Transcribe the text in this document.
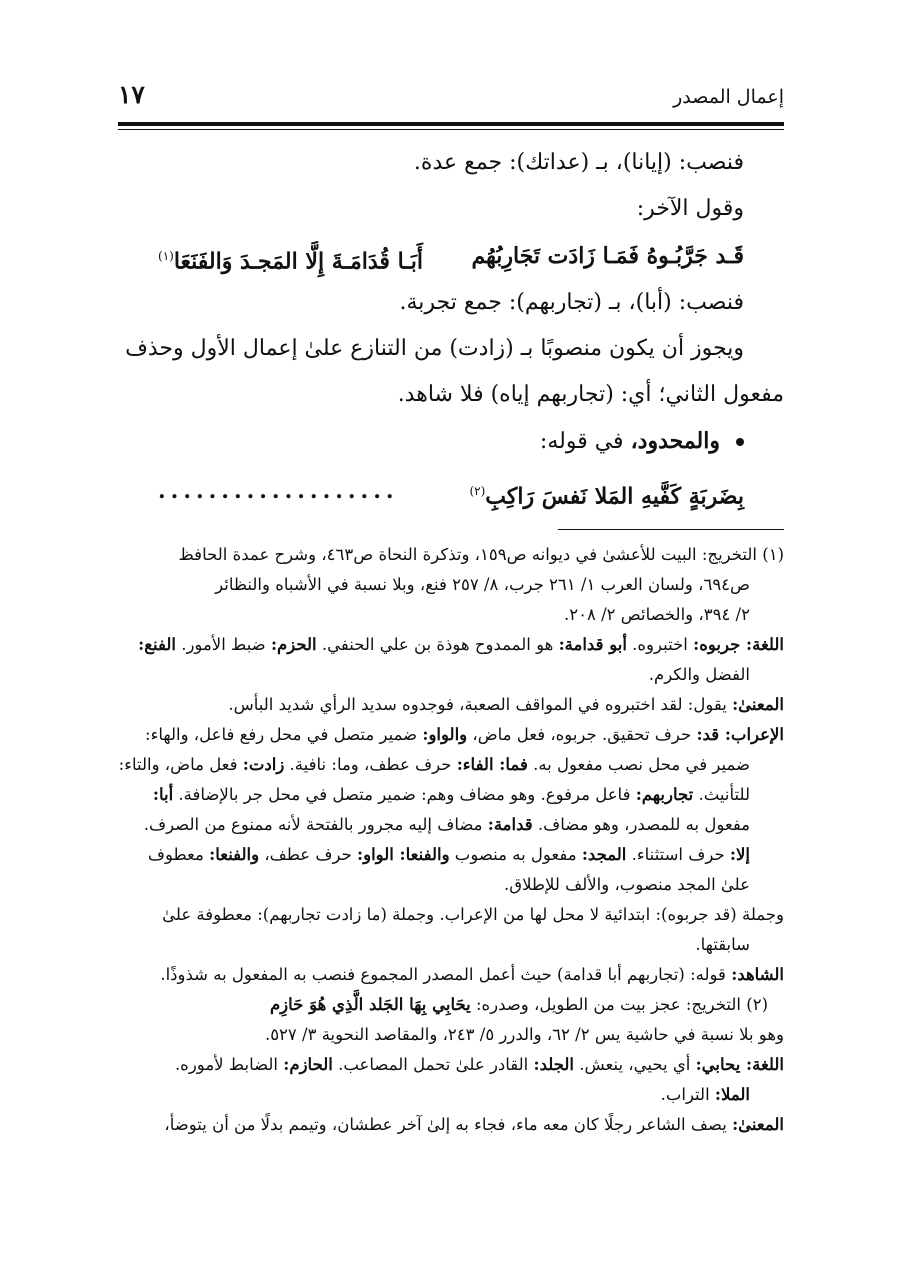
١٧	إعمال المصدر
فنصب: (إيانا)، بـ (عداتك): جمع عدة.
وقول الآخر:
قَـد جَرَّبُـوهُ فَمَـا زَادَت تَجَارِبُهُم
أَبَـا قُدَامَـةَ إِلَّا المَجـدَ وَالفَنَعَا$^{(١)}$
فنصب: (أبا)، بـ (تجاربهم): جمع تجربة.
ويجوز أن يكون منصوبًا بـ (زادت) من التنازع علىٰ إعمال الأول وحذف
مفعول الثاني؛ أي: (تجاربهم إياه) فلا شاهد.
والمحدود، في قوله:
بِضَربَةٍ كَفَّيهِ المَلا نَفسَ رَاكِبِ$^{(٢)}$
...................

(١) التخريج: البيت للأعشىٰ في ديوانه ص١٥٩، وتذكرة النحاة ص٤٦٣، وشرح عمدة الحافظ

ص٦٩٤، ولسان العرب ١/ ٢٦١ جرب، ٨/ ٢٥٧ فنع، وبلا نسبة في الأشباه والنظائر

٢/ ٣٩٤، والخصائص ٢/ ٢٠٨.

اللغة: جربوه: اختبروه. أبو قدامة: هو الممدوح هوذة بن علي الحنفي. الحزم: ضبط الأمور. الفنع:

الفضل والكرم.

المعنىٰ: يقول: لقد اختبروه في المواقف الصعبة، فوجدوه سديد الرأي شديد البأس.

الإعراب: قد: حرف تحقيق. جربوه، فعل ماض، والواو: ضمير متصل في محل رفع فاعل، والهاء:

ضمير في محل نصب مفعول به. فما: الفاء: حرف عطف، وما: نافية. زادت: فعل ماض، والتاء:

للتأنيث. تجاربهم: فاعل مرفوع. وهو مضاف وهم: ضمير متصل في محل جر بالإضافة. أبا:

مفعول به للمصدر، وهو مضاف. قدامة: مضاف إليه مجرور بالفتحة لأنه ممنوع من الصرف.

إلا: حرف استثناء. المجد: مفعول به منصوب والفنعا: الواو: حرف عطف، والفنعا: معطوف

علىٰ المجد منصوب، والألف للإطلاق.

وجملة (قد جربوه): ابتدائية لا محل لها من الإعراب. وجملة (ما زادت تجاربهم): معطوفة علىٰ

سابقتها.

الشاهد: قوله: (تجاربهم أبا قدامة) حيث أعمل المصدر المجموع فنصب به المفعول به شذوذًا.

(٢) التخريج: عجز بيت من الطويل، وصدره: يحَابِي بِهَا الجَلد الَّذِي هُوَ حَازِم

وهو بلا نسبة في حاشية يس ٢/ ٦٢، والدرر ٥/ ٢٤٣، والمقاصد النحوية ٣/ ٥٢٧.

اللغة: يحابي: أي يحيي، ينعش. الجلد: القادر علىٰ تحمل المصاعب. الحازم: الضابط لأموره.

الملا: التراب.

المعنىٰ: يصف الشاعر رجلًا كان معه ماء، فجاء به إلىٰ آخر عطشان، وتيمم بدلًا من أن يتوضأ،
